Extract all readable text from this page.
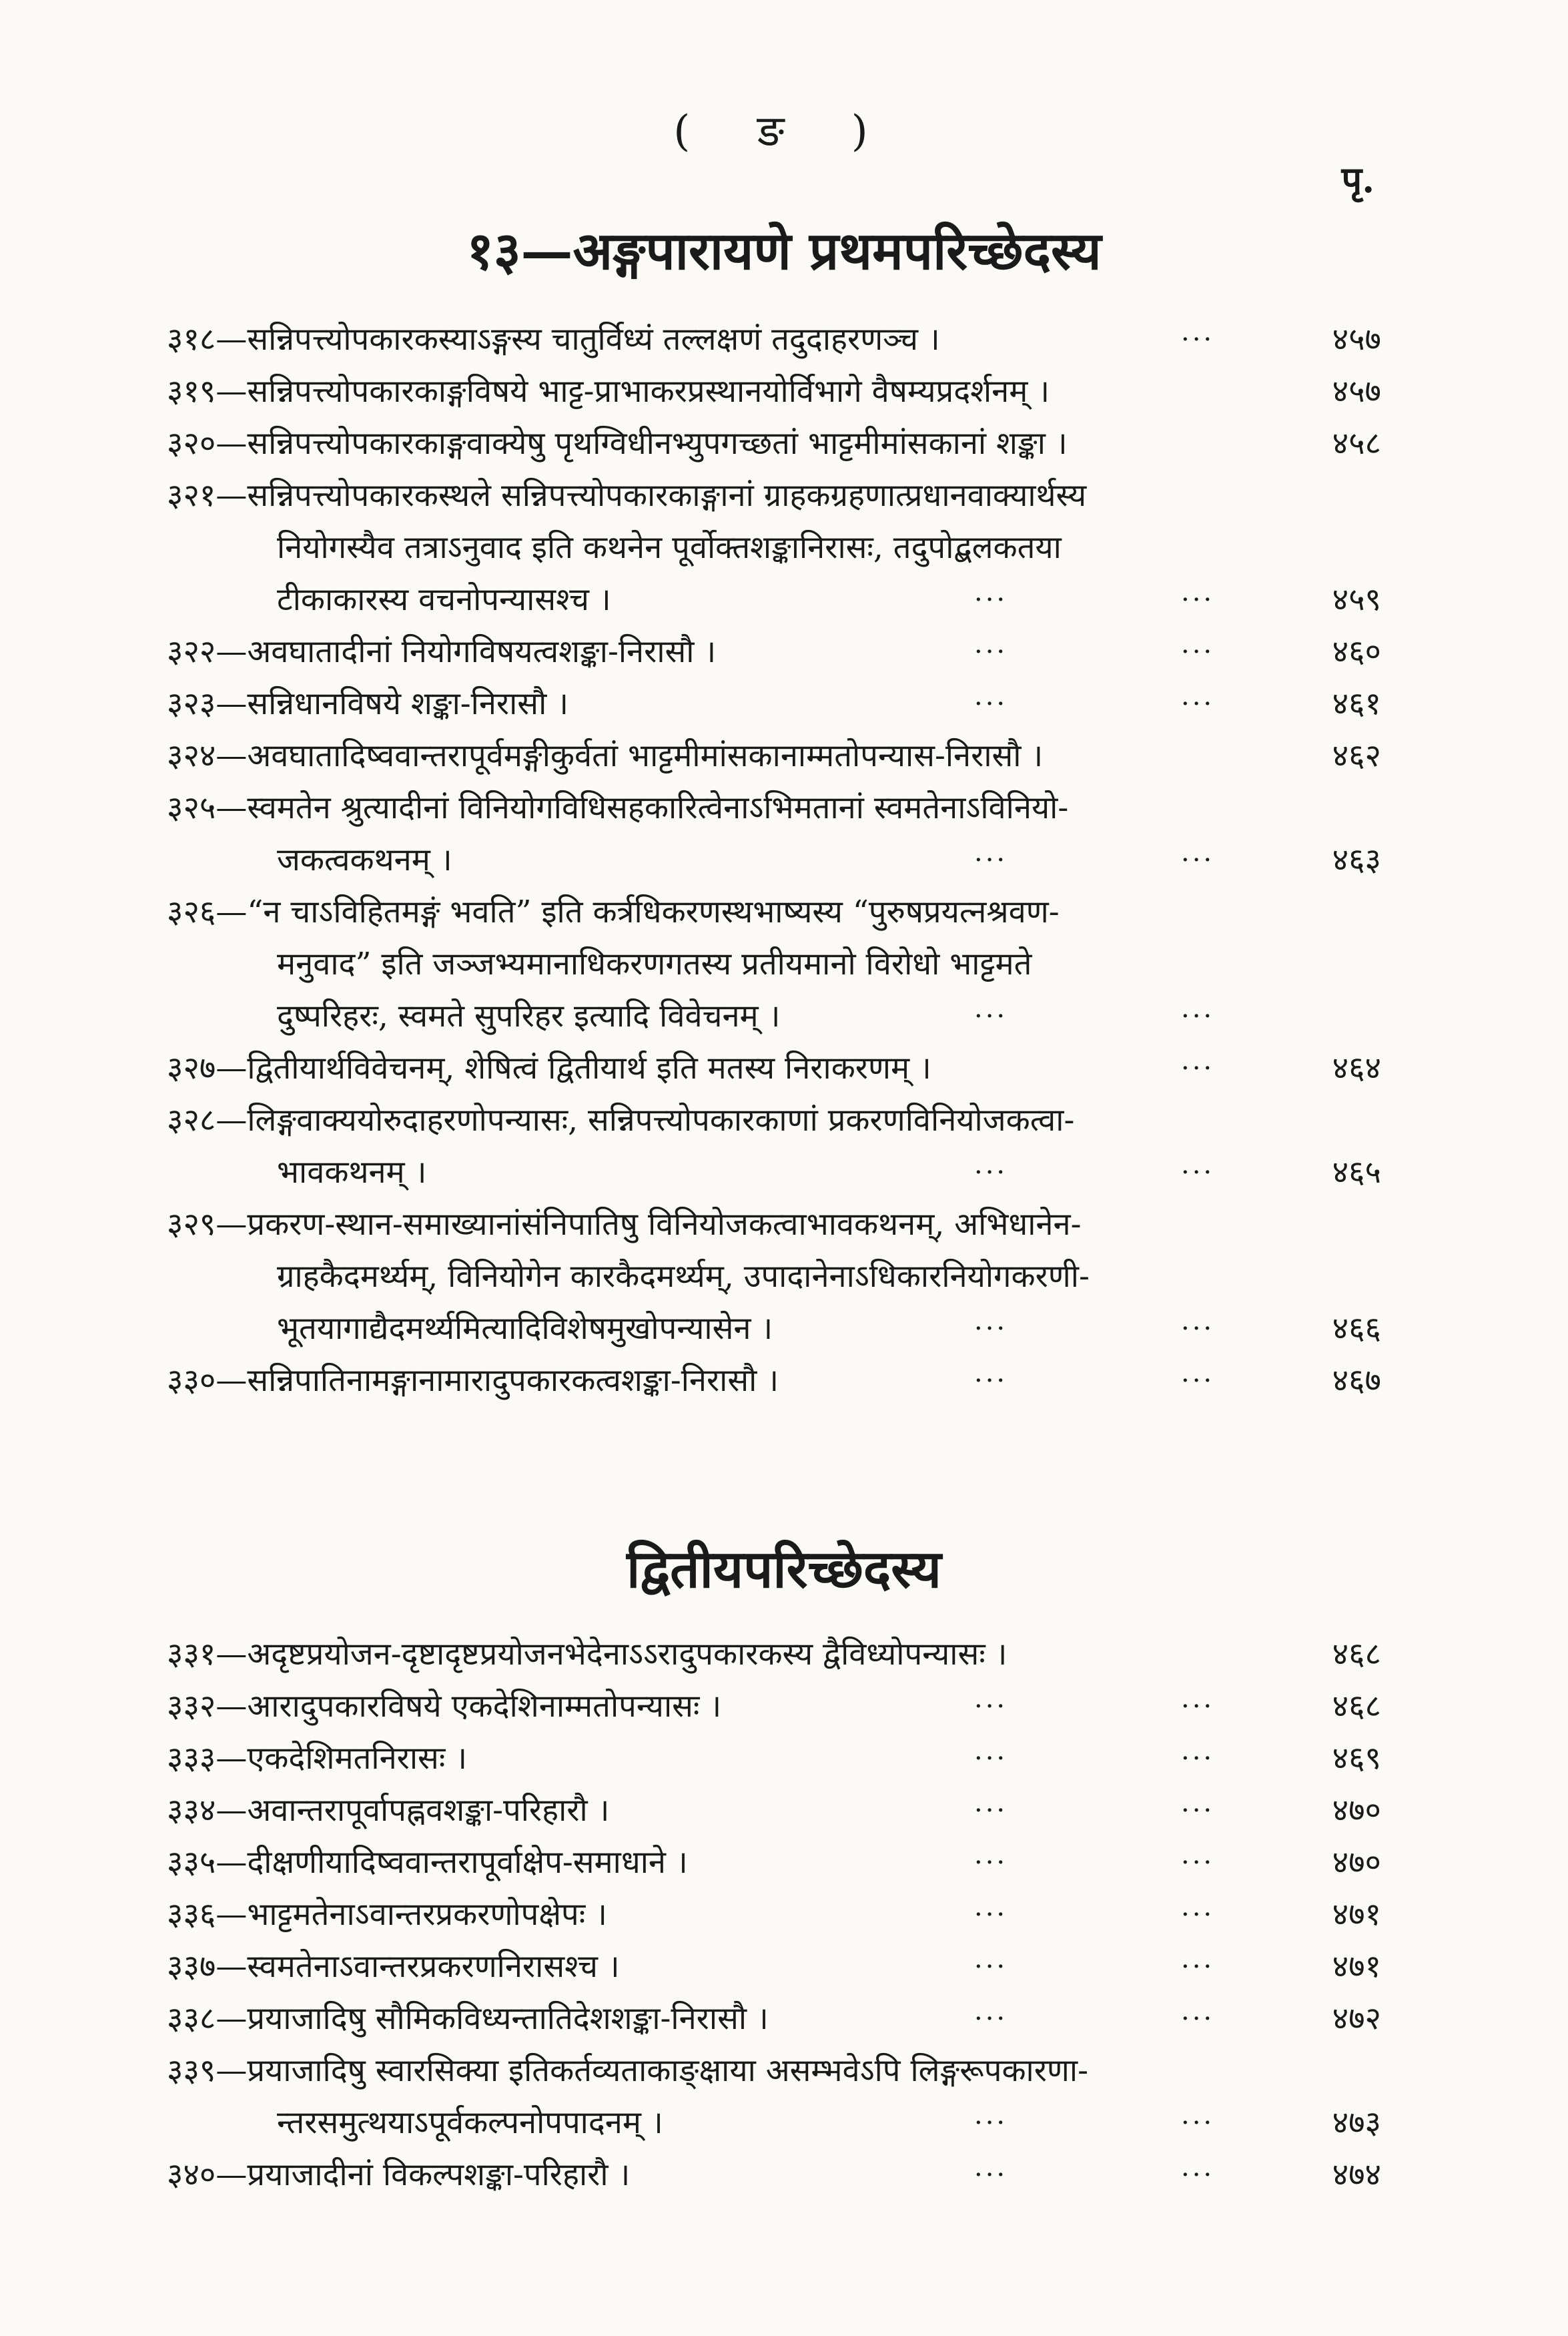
( ङ )
पृ.
१३—अङ्गपारायणे प्रथमपरिच्छेदस्य
३१८—सन्निपत्त्योपकारकस्याऽङ्गस्य चातुर्विध्यं तल्लक्षणं तदुदाहरणञ्च ।	···	४५७
३१९—सन्निपत्त्योपकारकाङ्गविषये भाट्ट-प्राभाकरप्रस्थानयोर्विभागे वैषम्यप्रदर्शनम् ।	४५७
३२०—सन्निपत्त्योपकारकाङ्गवाक्येषु पृथग्विधीनभ्युपगच्छतां भाट्टमीमांसकानां शङ्का ।	४५८
३२१—सन्निपत्त्योपकारकस्थले सन्निपत्त्योपकारकाङ्गानां ग्राहकग्रहणात्प्रधानवाक्यार्थस्य
नियोगस्यैव तत्राऽनुवाद इति कथनेन पूर्वोक्तशङ्कानिरासः, तदुपोद्बलकतया
टीकाकारस्य वचनोपन्यासश्च ।	···	···	४५९
३२२—अवघातादीनां नियोगविषयत्वशङ्का-निरासौ ।	···	···	४६०
३२३—सन्निधानविषये शङ्का-निरासौ ।	···	···	४६१
३२४—अवघातादिष्ववान्तरापूर्वमङ्गीकुर्वतां भाट्टमीमांसकानाम्मतोपन्यास-निरासौ ।	४६२
३२५—स्वमतेन श्रुत्यादीनां विनियोगविधिसहकारित्वेनाऽभिमतानां स्वमतेनाऽविनियो-
जकत्वकथनम् ।	···	···	४६३
३२६—“न चाऽविहितमङ्गं भवति” इति कर्त्रधिकरणस्थभाष्यस्य “पुरुषप्रयत्नश्रवण-
मनुवाद” इति जञ्जभ्यमानाधिकरणगतस्य प्रतीयमानो विरोधो भाट्टमते
दुष्परिहरः, स्वमते सुपरिहर इत्यादि विवेचनम् ।	···	···
३२७—द्वितीयार्थविवेचनम्, शेषित्वं द्वितीयार्थ इति मतस्य निराकरणम् ।	···	४६४
३२८—लिङ्गवाक्ययोरुदाहरणोपन्यासः, सन्निपत्त्योपकारकाणां प्रकरणविनियोजकत्वा-
भावकथनम् ।	···	···	४६५
३२९—प्रकरण-स्थान-समाख्यानांसंनिपातिषु विनियोजकत्वाभावकथनम्, अभिधानेन-
ग्राहकैदमर्थ्यम्, विनियोगेन कारकैदमर्थ्यम्, उपादानेनाऽधिकारनियोगकरणी-
भूतयागाद्यैदमर्थ्यमित्यादिविशेषमुखोपन्यासेन ।	···	···	४६६
३३०—सन्निपातिनामङ्गानामारादुपकारकत्वशङ्का-निरासौ ।	···	···	४६७
द्वितीयपरिच्छेदस्य
३३१—अदृष्टप्रयोजन-दृष्टादृष्टप्रयोजनभेदेनाऽऽरादुपकारकस्य द्वैविध्योपन्यासः ।	४६८
३३२—आरादुपकारविषये एकदेशिनाम्मतोपन्यासः ।	···	···	४६८
३३३—एकदेशिमतनिरासः ।	···	···	४६९
३३४—अवान्तरापूर्वापह्नवशङ्का-परिहारौ ।	···	···	४७०
३३५—दीक्षणीयादिष्ववान्तरापूर्वाक्षेप-समाधाने ।	···	···	४७०
३३६—भाट्टमतेनाऽवान्तरप्रकरणोपक्षेपः ।	···	···	४७१
३३७—स्वमतेनाऽवान्तरप्रकरणनिरासश्च ।	···	···	४७१
३३८—प्रयाजादिषु सौमिकविध्यन्तातिदेशशङ्का-निरासौ ।	···	···	४७२
३३९—प्रयाजादिषु स्वारसिक्या इतिकर्तव्यताकाङ्क्षाया असम्भवेऽपि लिङ्गरूपकारणा-
न्तरसमुत्थयाऽपूर्वकल्पनोपपादनम् ।	···	···	४७३
३४०—प्रयाजादीनां विकल्पशङ्का-परिहारौ ।	···	···	४७४
